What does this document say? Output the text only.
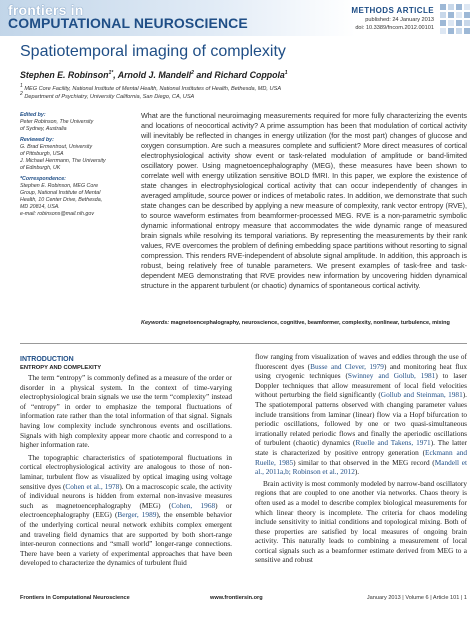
frontiers in
COMPUTATIONAL NEUROSCIENCE
METHODS ARTICLE
published: 24 January 2013
doi: 10.3389/fncom.2012.00101
Spatiotemporal imaging of complexity
Stephen E. Robinson$^{1*}$, Arnold J. Mandell$^2$ and Richard Coppola$^1$
$^1$ MEG Core Facility, National Institute of Mental Health, National Institutes of Health, Bethesda, MD, USA
$^2$ Department of Psychiatry, University California, San Diego, CA, USA
Edited by:
Peter Robinson, The University
of Sydney, Australia
Reviewed by:
G. Brad Ermentrout, University
of Pittsburgh, USA
J. Michael Herrmann, The University
of Edinburgh, UK
*Correspondence:
Stephen E. Robinson, MEG Core
Group, National Institute of Mental
Health, 10 Center Drive, Bethesda,
MD 20814, USA.
e-mail: robinsons@mail.nih.gov
What are the functional neuroimaging measurements required for more fully characterizing the events and locations of neocortical activity? A prime assumption has been that modulation of cortical activity will inevitably be reflected in changes in energy utilization (for the most part) changes of glucose and oxygen consumption. Are such a measures complete and sufficient? More direct measures of cortical electrophysiological activity show event or task-related modulation of amplitude or band-limited oscillatory power. Using magnetoencephalography (MEG), these measures have been shown to correlate well with energy utilization sensitive BOLD fMRI. In this paper, we explore the existence of state changes in electrophysiological cortical activity that can occur independently of changes in averaged amplitude, source power or indices of metabolic rates. In addition, we demonstrate that such state changes can be described by applying a new measure of complexity, rank vector entropy (RVE), to source waveform estimates from beamformer-processed MEG. RVE is a non-parametric symbolic dynamic informational entropy measure that accommodates the wide dynamic range of measured brain signals while resolving its temporal variations. By representing the measurements by their rank values, RVE overcomes the problem of defining embedding space partitions without resorting to signal compression. This renders RVE-independent of absolute signal amplitude. In addition, this approach is robust, being relatively free of tunable parameters. We present examples of task-free and task-dependent MEG demonstrating that RVE provides new information by uncovering hidden dynamical structure in the apparent turbulent (or chaotic) dynamics of spontaneous cortical activity.
Keywords: magnetoencephalography, neuroscience, cognitive, beamformer, complexity, nonlinear, turbulence, mixing
INTRODUCTION
ENTROPY AND COMPLEXITY

The term “entropy” is commonly defined as a measure of the order or disorder in a physical system. In the context of time-varying electrophysiological brain signals we use the term “complexity” instead of “entropy” in order to emphasize the temporal fluctuations of information rate rather than the total information of that signal. Signals having low complexity include synchronous events and oscillations. Signals with high complexity appear more chaotic and correspond to a higher information rate.

The topographic characteristics of spatiotemporal fluctuations in cortical electrophysiological activity are analogous to those of non-laminar, turbulent flow as visualized by optical imaging using voltage sensitive dyes (Cohen et al., 1978). On a macroscopic scale, the activity of individual neurons is hidden from external non-invasive measures such as magnetoencephalography (MEG) (Cohen, 1968) or electroencephalography (EEG) (Berger, 1989), the ensemble behavior of the underlying cortical neural network exhibits complex emergent and traveling field dynamics that are supported by both short-range inter-neuron connections and “small world” longer-range connections. There have been a variety of experimental approaches that have been developed to characterize the dynamics of turbulent fluid

flow ranging from visualization of waves and eddies through the use of fluorescent dyes (Busse and Clever, 1979) and monitoring heat flux using cryogenic techniques (Swinney and Gollub, 1981) to laser Doppler techniques that allow measurement of local field velocities without perturbing the field significantly (Gollub and Steinman, 1981). The spatiotemporal patterns observed with changing parameter values include transitions from laminar (linear) flow via a Hopf bifurcation to periodic oscillations, followed by one or two quasi-simultaneous irrationally related periodic flows and finally the aperiodic oscillations of turbulent (chaotic) dynamics (Ruelle and Takens, 1971). The latter state is characterized by positive entropy generation (Eckmann and Ruelle, 1985) similar to that observed in the MEG record (Mandell et al., 2011a,b; Robinson et al., 2012).

Brain activity is most commonly modeled by narrow-band oscillatory regions that are coupled to one another via networks. Chaos theory is often used as a model to describe complex biological measurements for which linear theory is incomplete. The criteria for chaos modeling include sensitivity to initial conditions and topological mixing. Both of these properties are satisfied by local measures of ongoing brain activity. This naturally leads to combining a measurement of local cortical signals such as a beamformer estimate derived from MEG to a sensitive and robust

Frontiers in Computational Neuroscience	www.frontiersin.org	January 2013 | Volume 6 | Article 101 | 1
